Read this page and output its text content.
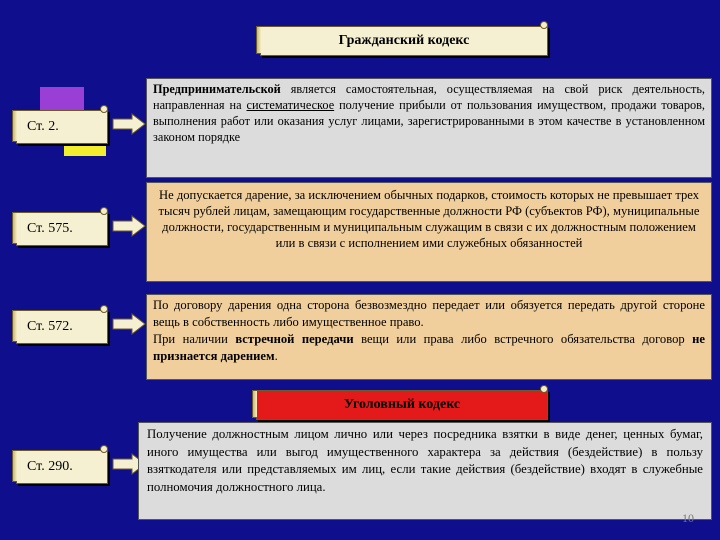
Гражданский кодекс
Ст. 2.
Предпринимательской является самостоятельная, осуществляемая на свой риск деятельность, направленная на систематическое получение прибыли от пользования имуществом, продажи товаров, выполнения работ или оказания услуг лицами, зарегистрированными в этом качестве в установленном законом порядке
Ст. 575.
Не допускается дарение, за исключением обычных подарков, стоимость которых не превышает трех тысяч рублей лицам, замещающим государственные должности РФ (субъектов РФ), муниципальные должности, государственным и муниципальным служащим в связи с их должностным положением или в связи с исполнением ими служебных обязанностей
Ст. 572.
По договору дарения одна сторона безвозмездно передает или обязуется передать другой стороне вещь в собственность либо имущественное право.
При наличии встречной передачи вещи или права либо встречного обязательства договор не признается дарением.
Уголовный кодекс
Ст. 290.
Получение должностным лицом лично или через посредника взятки в виде денег, ценных бумаг, иного имущества или выгод имущественного характера за действия (бездействие) в пользу взяткодателя или представляемых им лиц, если такие действия (бездействие) входят в служебные полномочия должностного лица.
10
